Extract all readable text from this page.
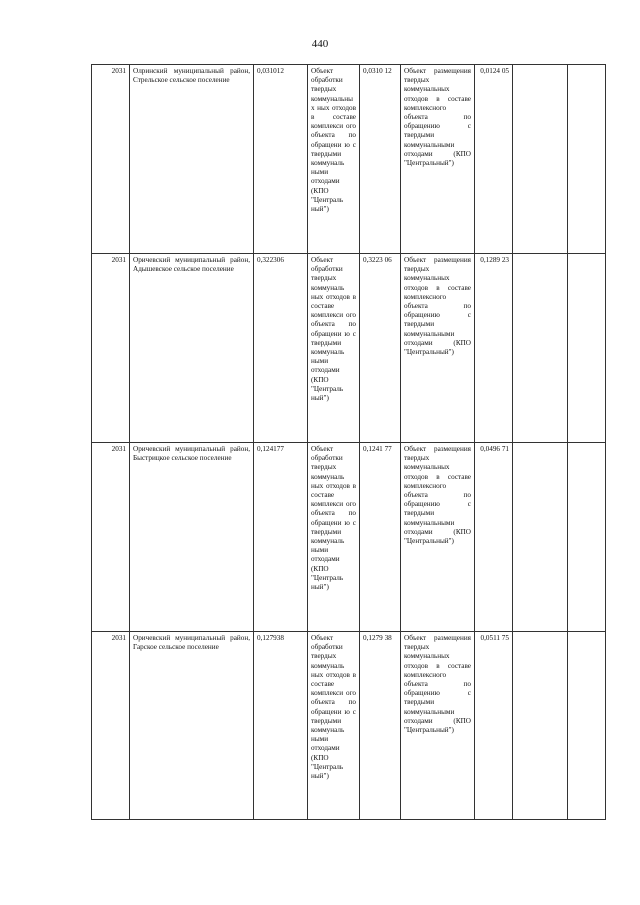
440
2031	Олринский муниципальный район, Стрельское сельское поселение	0,031012	Объект обработки твердых коммунальных ных отходов в составе комплекси ого объекта по обращени ю с твердыми коммуналь ными отходами (КПО "Централь ный")	0,0310 12	Объект размещения твердых коммунальных отходов в составе комплексного объекта по обращению с твердыми коммунальными отходами (КПО "Центральный")	0,0124 05		
2031	Оричевский муниципальный район, Адышевское сельское поселение	0,322306	Объект обработки твердых коммуналь ных отходов в составе комплекси ого объекта по обращени ю с твердыми коммуналь ными отходами (КПО "Централь ный")	0,3223 06	Объект размещения твердых коммунальных отходов в составе комплексного объекта по обращению с твердыми коммунальными отходами (КПО "Центральный")	0,1289 23		
2031	Оричевский муниципальный район, Быстрицкое сельское поселение	0,124177	Объект обработки твердых коммуналь ных отходов в составе комплекси ого объекта по обращени ю с твердыми коммуналь ными отходами (КПО "Централь ный")	0,1241 77	Объект размещения твердых коммунальных отходов в составе комплексного объекта по обращению с твердыми коммунальными отходами (КПО "Центральный")	0,0496 71		
2031	Оричевский муниципальный район, Гарское сельское поселение	0,127938	Объект обработки твердых коммуналь ных отходов в составе комплекси ого объекта по обращени ю с твердыми коммуналь ными отходами (КПО "Централь ный")	0,1279 38	Объект размещения твердых коммунальных отходов в составе комплексного объекта по обращению с твердыми коммунальными отходами (КПО "Центральный")	0,0511 75		
